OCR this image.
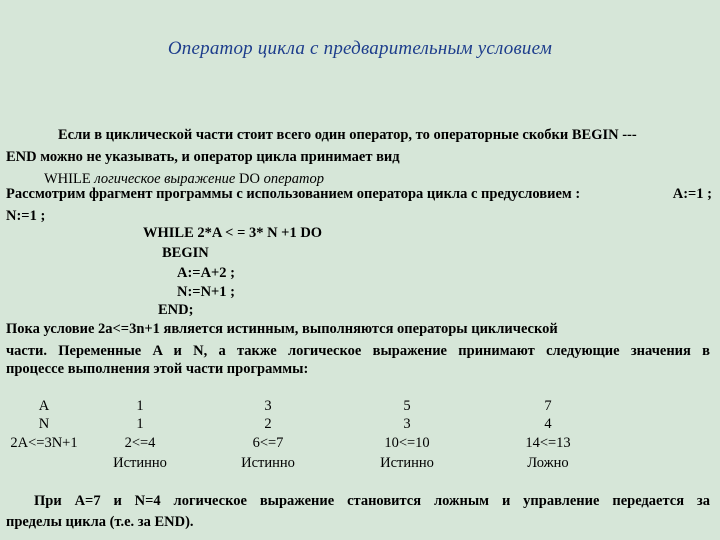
Оператор цикла с предварительным условием
Если в циклической части стоит всего один оператор, то операторные скобки BEGIN ---
END можно не указывать, и оператор цикла принимает вид
WHILE логическое выражение DO оператор
Рассмотрим фрагмент программы с использованием оператора цикла с предусловием :	A:=1 ;
N:=1 ;
WHILE 2*A < = 3* N +1 DO
BEGIN
A:=A+2 ;
N:=N+1 ;
END;
Пока условие 2a<=3n+1 является истинным, выполняются операторы циклической
части. Переменные A и N, а также логическое выражение принимают следующие значения в
процессе выполнения этой части программы:
A
N
2A<=3N+1
1
1
2<=4
Истинно
3
2
6<=7
Истинно
5
3
10<=10
Истинно
7
4
14<=13
Ложно
При A=7 и N=4 логическое выражение становится ложным и управление передается за
пределы цикла (т.е. за END).
